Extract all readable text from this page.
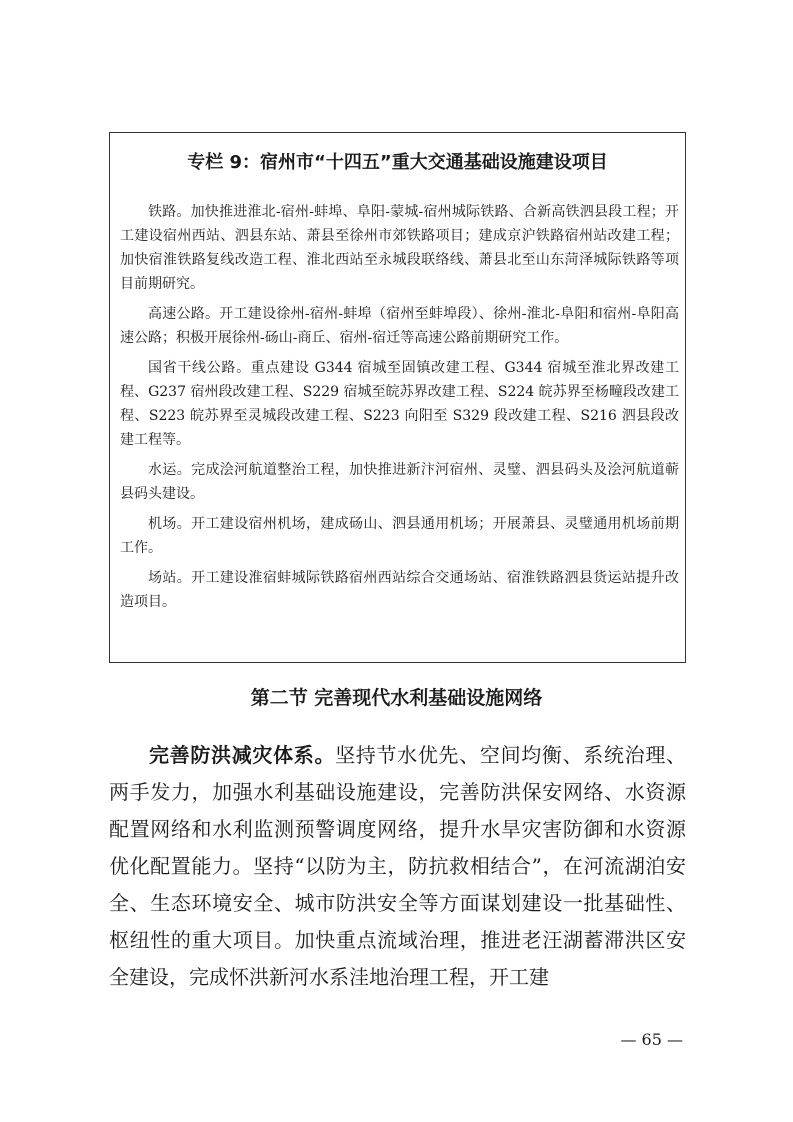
专栏 9：宿州市“十四五”重大交通基础设施建设项目

铁路。加快推进淮北-宿州-蚌埠、阜阳-蒙城-宿州城际铁路、合新高铁泗县段工程；开工建设宿州西站、泗县东站、萧县至徐州市郊铁路项目；建成京沪铁路宿州站改建工程；加快宿淮铁路复线改造工程、淮北西站至永城段联络线、萧县北至山东菏泽城际铁路等项目前期研究。

高速公路。开工建设徐州-宿州-蚌埠（宿州至蚌埠段）、徐州-淮北-阜阳和宿州-阜阳高速公路；积极开展徐州-砀山-商丘、宿州-宿迁等高速公路前期研究工作。

国省干线公路。重点建设 G344 宿城至固镇改建工程、G344 宿城至淮北界改建工程、G237 宿州段改建工程、S229 宿城至皖苏界改建工程、S224 皖苏界至杨疃段改建工程、S223 皖苏界至灵城段改建工程、S223 向阳至 S329 段改建工程、S216 泗县段改建工程等。

水运。完成浍河航道整治工程，加快推进新汴河宿州、灵璧、泗县码头及浍河航道蕲县码头建设。

机场。开工建设宿州机场，建成砀山、泗县通用机场；开展萧县、灵璧通用机场前期工作。

场站。开工建设淮宿蚌城际铁路宿州西站综合交通场站、宿淮铁路泗县货运站提升改造项目。

第二节 完善现代水利基础设施网络

完善防洪减灾体系。坚持节水优先、空间均衡、系统治理、两手发力，加强水利基础设施建设，完善防洪保安网络、水资源配置网络和水利监测预警调度网络，提升水旱灾害防御和水资源优化配置能力。坚持“以防为主，防抗救相结合”，在河流湖泊安全、生态环境安全、城市防洪安全等方面谋划建设一批基础性、枢纽性的重大项目。加快重点流域治理，推进老汪湖蓄滞洪区安全建设，完成怀洪新河水系洼地治理工程，开工建

— 65 —
